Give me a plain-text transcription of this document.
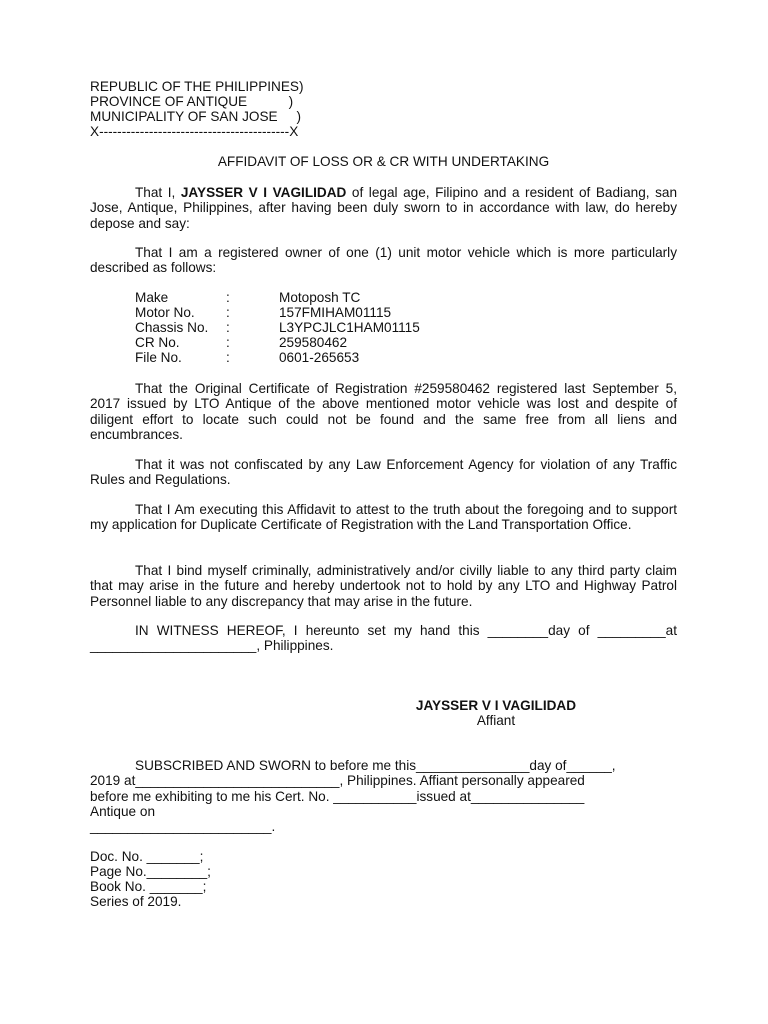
REPUBLIC OF THE PHILIPPINES)
PROVINCE OF ANTIQUE           )
MUNICIPALITY OF SAN JOSE     )
X------------------------------------------X
AFFIDAVIT OF LOSS OR & CR WITH UNDERTAKING
That I, JAYSSER V I VAGILIDAD of legal age, Filipino and a resident of Badiang, san Jose, Antique, Philippines, after having been duly sworn to in accordance with law, do hereby depose and say:
That I am a registered owner of one (1) unit motor vehicle which is more particularly described as follows:
Make	:	Motoposh TC
Motor No. :	157FMIHAM01115
Chassis No. :	L3YPCJLC1HAM01115
CR No.	:	259580462
File No.	:	0601-265653
That the Original Certificate of Registration #259580462 registered last September 5, 2017 issued by LTO Antique of the above mentioned motor vehicle was lost and despite of diligent effort to locate such could not be found and the same free from all liens and encumbrances.
That it was not confiscated by any Law Enforcement Agency for violation of any Traffic Rules and Regulations.
That I Am executing this Affidavit to attest to the truth about the foregoing and to support my application for Duplicate Certificate of Registration with the Land Transportation Office.
That I bind myself criminally, administratively and/or civilly liable to any third party claim that may arise in the future and hereby undertook not to hold by any LTO and Highway Patrol Personnel liable to any discrepancy that may arise in the future.
IN WITNESS HEREOF, I hereunto set my hand this ________day of _________at ______________________, Philippines.
JAYSSER V I VAGILIDAD
Affiant
SUBSCRIBED AND SWORN to before me this_______________day of______,
2019 at___________________________, Philippines. Affiant personally appeared
before me exhibiting to me his Cert. No. ___________issued at_______________
Antique on
________________________.
Doc. No. _______;
Page No.________;
Book No. _______;
Series of 2019.
